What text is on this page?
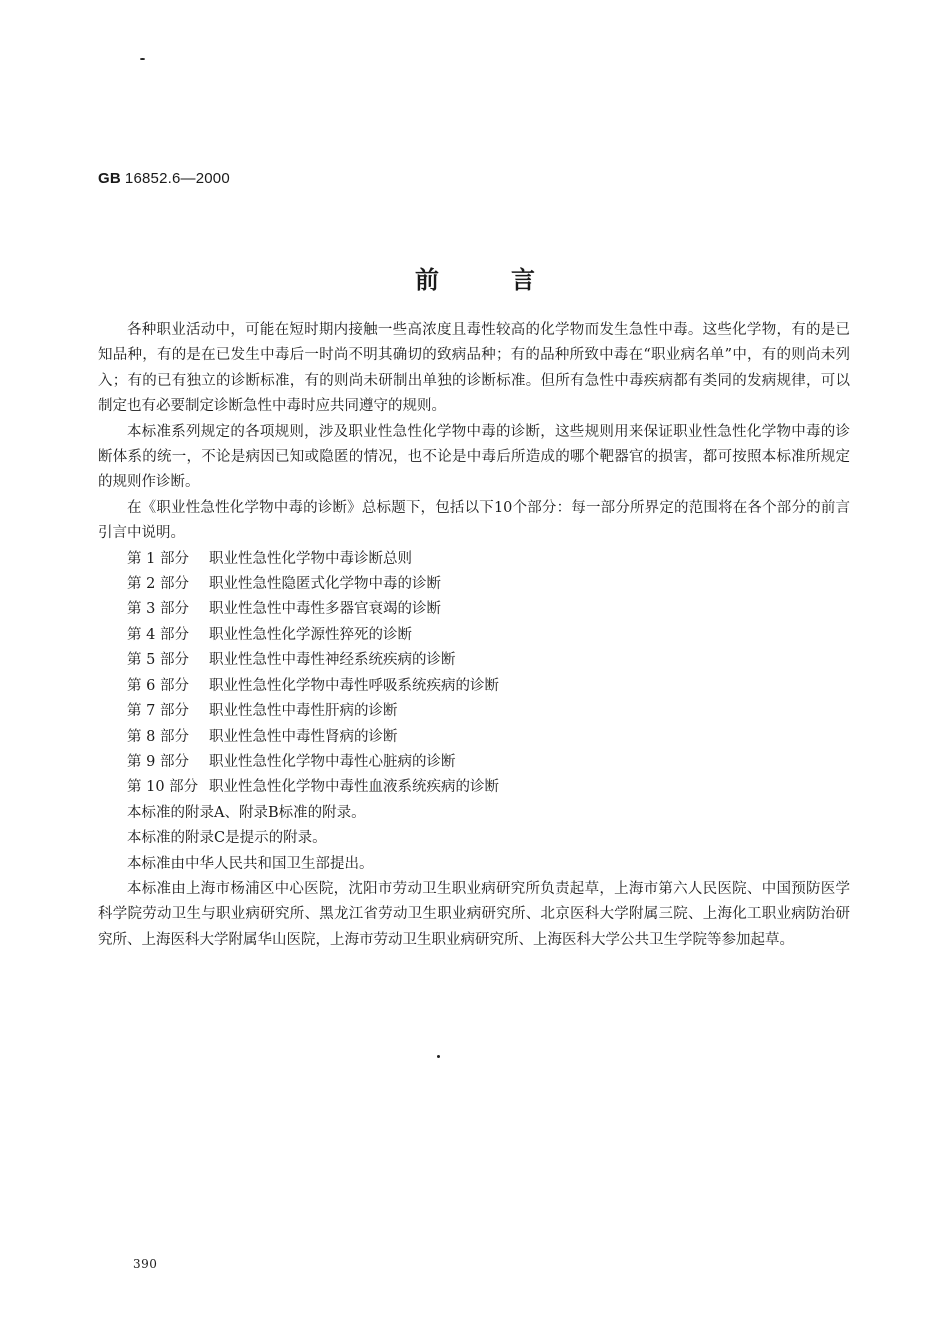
GB 16852.6—2000
前言

各种职业活动中，可能在短时期内接触一些高浓度且毒性较高的化学物而发生急性中毒。这些化学物，有的是已知品种，有的是在已发生中毒后一时尚不明其确切的致病品种；有的品种所致中毒在“职业病名单”中，有的则尚未列入；有的已有独立的诊断标准，有的则尚未研制出单独的诊断标准。但所有急性中毒疾病都有类同的发病规律，可以制定也有必要制定诊断急性中毒时应共同遵守的规则。

本标准系列规定的各项规则，涉及职业性急性化学物中毒的诊断，这些规则用来保证职业性急性化学物中毒的诊断体系的统一，不论是病因已知或隐匿的情况，也不论是中毒后所造成的哪个靶器官的损害，都可按照本标准所规定的规则作诊断。

在《职业性急性化学物中毒的诊断》总标题下，包括以下10个部分：每一部分所界定的范围将在各个部分的前言引言中说明。

第 1 部分 职业性急性化学物中毒诊断总则
第 2 部分 职业性急性隐匿式化学物中毒的诊断
第 3 部分 职业性急性中毒性多器官衰竭的诊断
第 4 部分 职业性急性化学源性猝死的诊断
第 5 部分 职业性急性中毒性神经系统疾病的诊断
第 6 部分 职业性急性化学物中毒性呼吸系统疾病的诊断
第 7 部分 职业性急性中毒性肝病的诊断
第 8 部分 职业性急性中毒性肾病的诊断
第 9 部分 职业性急性化学物中毒性心脏病的诊断
第 10 部分 职业性急性化学物中毒性血液系统疾病的诊断

本标准的附录A、附录B标准的附录。

本标准的附录C是提示的附录。

本标准由中华人民共和国卫生部提出。

本标准由上海市杨浦区中心医院，沈阳市劳动卫生职业病研究所负责起草，上海市第六人民医院、中国预防医学科学院劳动卫生与职业病研究所、黑龙江省劳动卫生职业病研究所、北京医科大学附属三院、上海化工职业病防治研究所、上海医科大学附属华山医院，上海市劳动卫生职业病研究所、上海医科大学公共卫生学院等参加起草。

390
